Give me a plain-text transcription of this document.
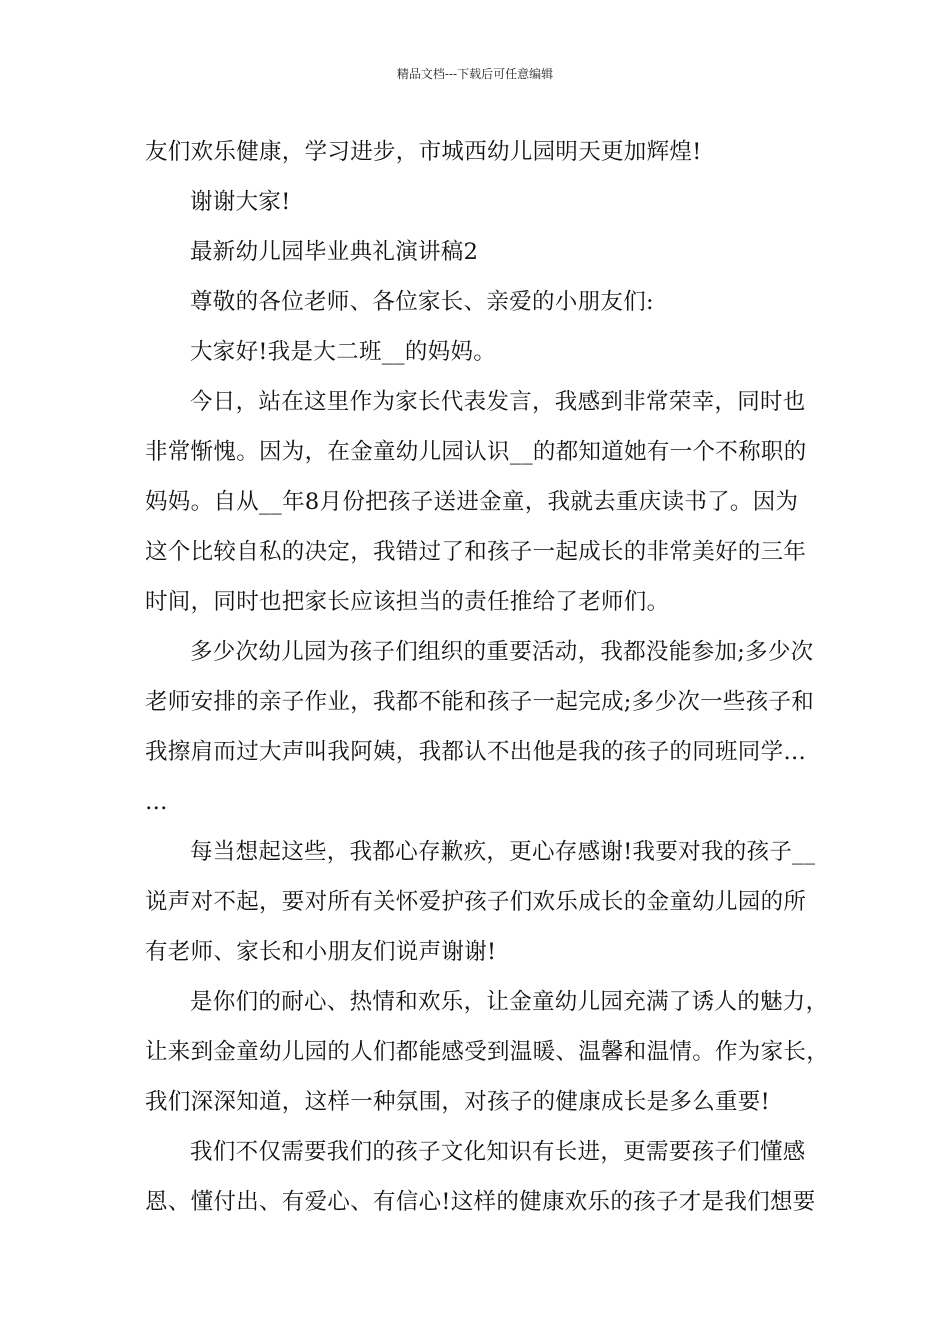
精品文档---下载后可任意编辑
友们欢乐健康，学习进步，市城西幼儿园明天更加辉煌!
谢谢大家!
最新幼儿园毕业典礼演讲稿2
尊敬的各位老师、各位家长、亲爱的小朋友们:
大家好!我是大二班__的妈妈。
今日，站在这里作为家长代表发言，我感到非常荣幸，同时也
非常惭愧。因为，在金童幼儿园认识__的都知道她有一个不称职的
妈妈。自从__年8月份把孩子送进金童，我就去重庆读书了。因为
这个比较自私的决定，我错过了和孩子一起成长的非常美好的三年
时间，同时也把家长应该担当的责任推给了老师们。
多少次幼儿园为孩子们组织的重要活动，我都没能参加;多少次
老师安排的亲子作业，我都不能和孩子一起完成;多少次一些孩子和
我擦肩而过大声叫我阿姨，我都认不出他是我的孩子的同班同学…
…
每当想起这些，我都心存歉疚，更心存感谢!我要对我的孩子__
说声对不起，要对所有关怀爱护孩子们欢乐成长的金童幼儿园的所
有老师、家长和小朋友们说声谢谢!
是你们的耐心、热情和欢乐，让金童幼儿园充满了诱人的魅力，
让来到金童幼儿园的人们都能感受到温暖、温馨和温情。作为家长，
我们深深知道，这样一种氛围，对孩子的健康成长是多么重要!
我们不仅需要我们的孩子文化知识有长进，更需要孩子们懂感
恩、懂付出、有爱心、有信心!这样的健康欢乐的孩子才是我们想要
